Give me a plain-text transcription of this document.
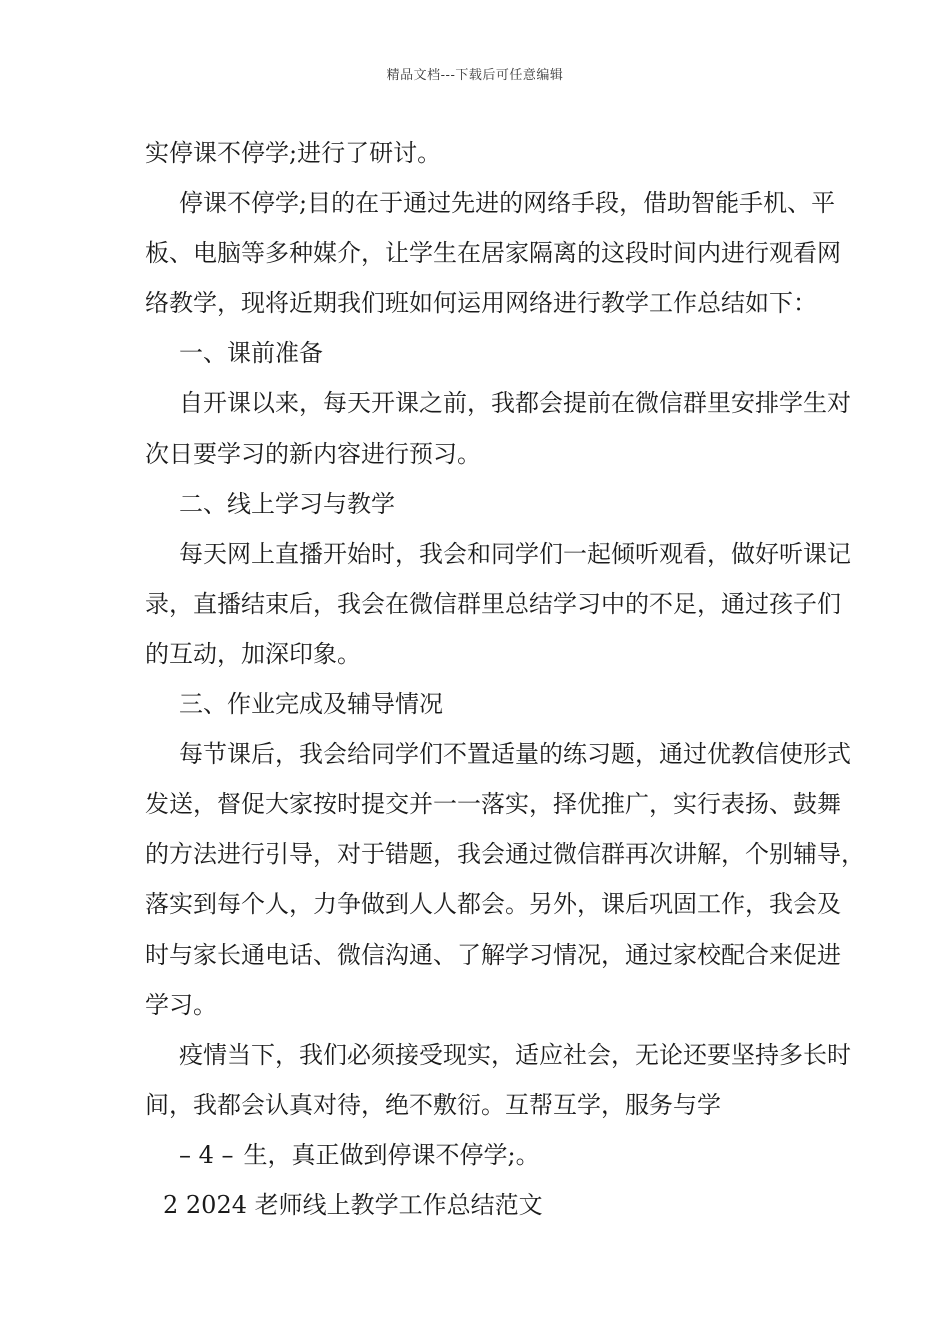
精品文档---下载后可任意编辑
实停课不停学;进行了研讨。
停课不停学;目的在于通过先进的网络手段，借助智能手机、平
板、电脑等多种媒介，让学生在居家隔离的这段时间内进行观看网
络教学，现将近期我们班如何运用网络进行教学工作总结如下：
一、课前准备
自开课以来，每天开课之前，我都会提前在微信群里安排学生对
次日要学习的新内容进行预习。
二、线上学习与教学
每天网上直播开始时，我会和同学们一起倾听观看，做好听课记
录，直播结束后，我会在微信群里总结学习中的不足，通过孩子们
的互动，加深印象。
三、作业完成及辅导情况
每节课后，我会给同学们不置适量的练习题，通过优教信使形式
发送，督促大家按时提交并一一落实，择优推广，实行表扬、鼓舞
的方法进行引导，对于错题，我会通过微信群再次讲解，个别辅导，
落实到每个人，力争做到人人都会。另外，课后巩固工作，我会及
时与家长通电话、微信沟通、了解学习情况，通过家校配合来促进
学习。
疫情当下，我们必须接受现实，适应社会，无论还要坚持多长时
间，我都会认真对待，绝不敷衍。互帮互学，服务与学
– 4 – 生，真正做到停课不停学;。
2 2024 老师线上教学工作总结范文
